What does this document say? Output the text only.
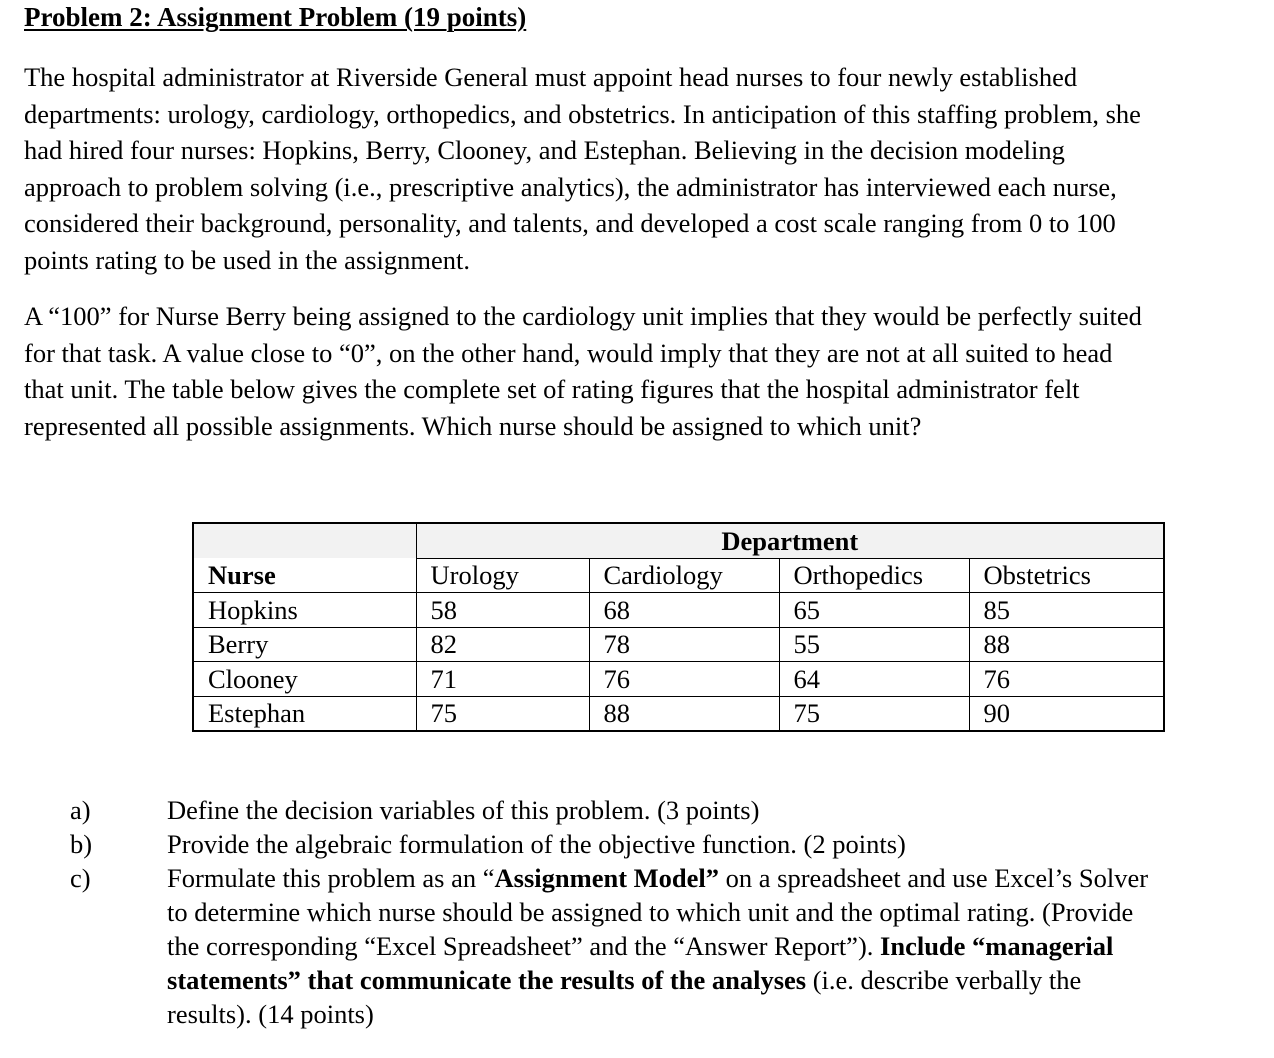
Problem 2: Assignment Problem (19 points)
The hospital administrator at Riverside General must appoint head nurses to four newly established
departments: urology, cardiology, orthopedics, and obstetrics. In anticipation of this staffing problem, she
had hired four nurses: Hopkins, Berry, Clooney, and Estephan. Believing in the decision modeling
approach to problem solving (i.e., prescriptive analytics), the administrator has interviewed each nurse,
considered their background, personality, and talents, and developed a cost scale ranging from 0 to 100
points rating to be used in the assignment.
A “100” for Nurse Berry being assigned to the cardiology unit implies that they would be perfectly suited
for that task. A value close to “0”, on the other hand, would imply that they are not at all suited to head
that unit. The table below gives the complete set of rating figures that the hospital administrator felt
represented all possible assignments. Which nurse should be assigned to which unit?
	Department			
Nurse	Urology	Cardiology	Orthopedics	Obstetrics
Hopkins	58	68	65	85
Berry	82	78	55	88
Clooney	71	76	64	76
Estephan	75	88	75	90
a)	Define the decision variables of this problem. (3 points)
b)	Provide the algebraic formulation of the objective function. (2 points)
c)	Formulate this problem as an “Assignment Model” on a spreadsheet and use Excel’s Solver
to determine which nurse should be assigned to which unit and the optimal rating. (Provide
the corresponding “Excel Spreadsheet” and the “Answer Report”). Include “managerial
statements” that communicate the results of the analyses (i.e. describe verbally the
results). (14 points)
